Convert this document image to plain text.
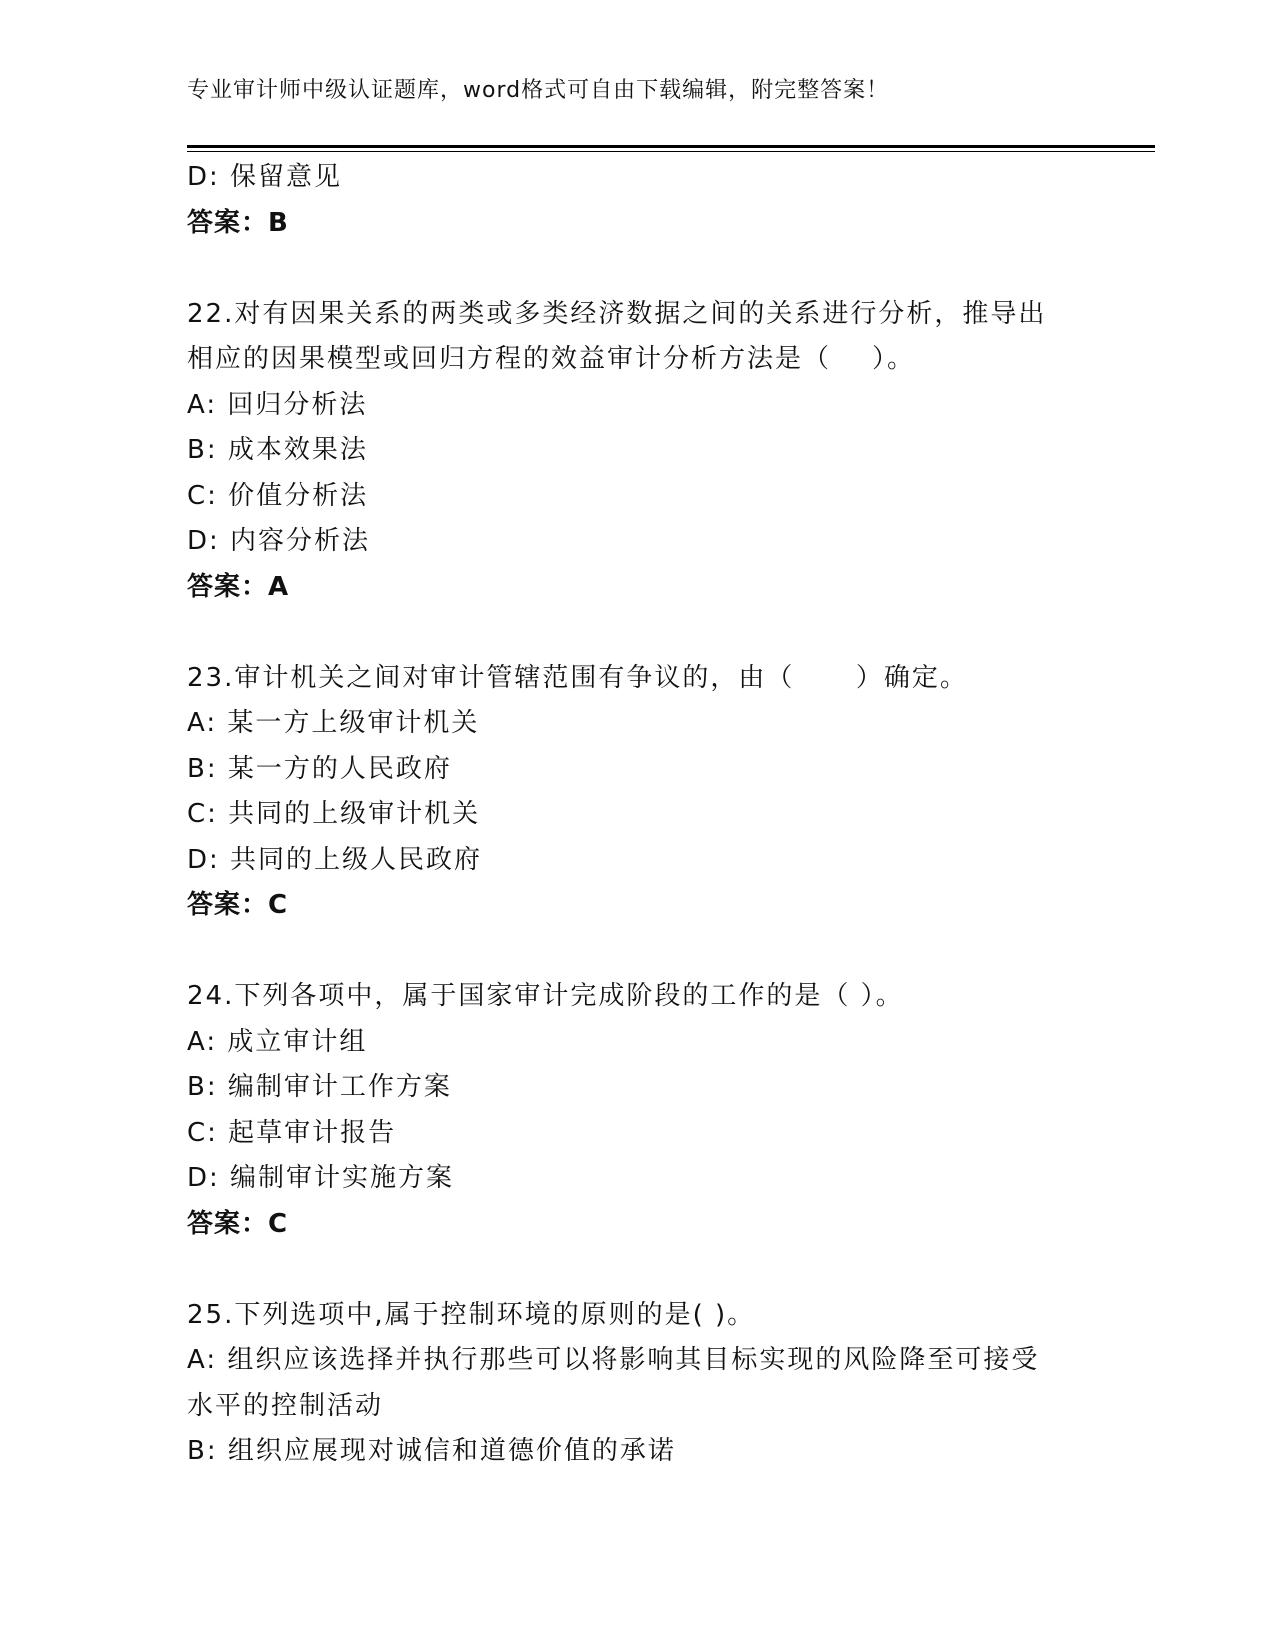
专业审计师中级认证题库，word格式可自由下载编辑，附完整答案！
D: 保留意见
答案：B
22.对有因果关系的两类或多类经济数据之间的关系进行分析，推导出
相应的因果模型或回归方程的效益审计分析方法是（    ）。
A: 回归分析法
B: 成本效果法
C: 价值分析法
D: 内容分析法
答案：A
23.审计机关之间对审计管辖范围有争议的，由（      ）确定。
A: 某一方上级审计机关
B: 某一方的人民政府
C: 共同的上级审计机关
D: 共同的上级人民政府
答案：C
24.下列各项中，属于国家审计完成阶段的工作的是（ ）。
A: 成立审计组
B: 编制审计工作方案
C: 起草审计报告
D: 编制审计实施方案
答案：C
25.下列选项中,属于控制环境的原则的是( )。
A: 组织应该选择并执行那些可以将影响其目标实现的风险降至可接受
水平的控制活动
B: 组织应展现对诚信和道德价值的承诺
